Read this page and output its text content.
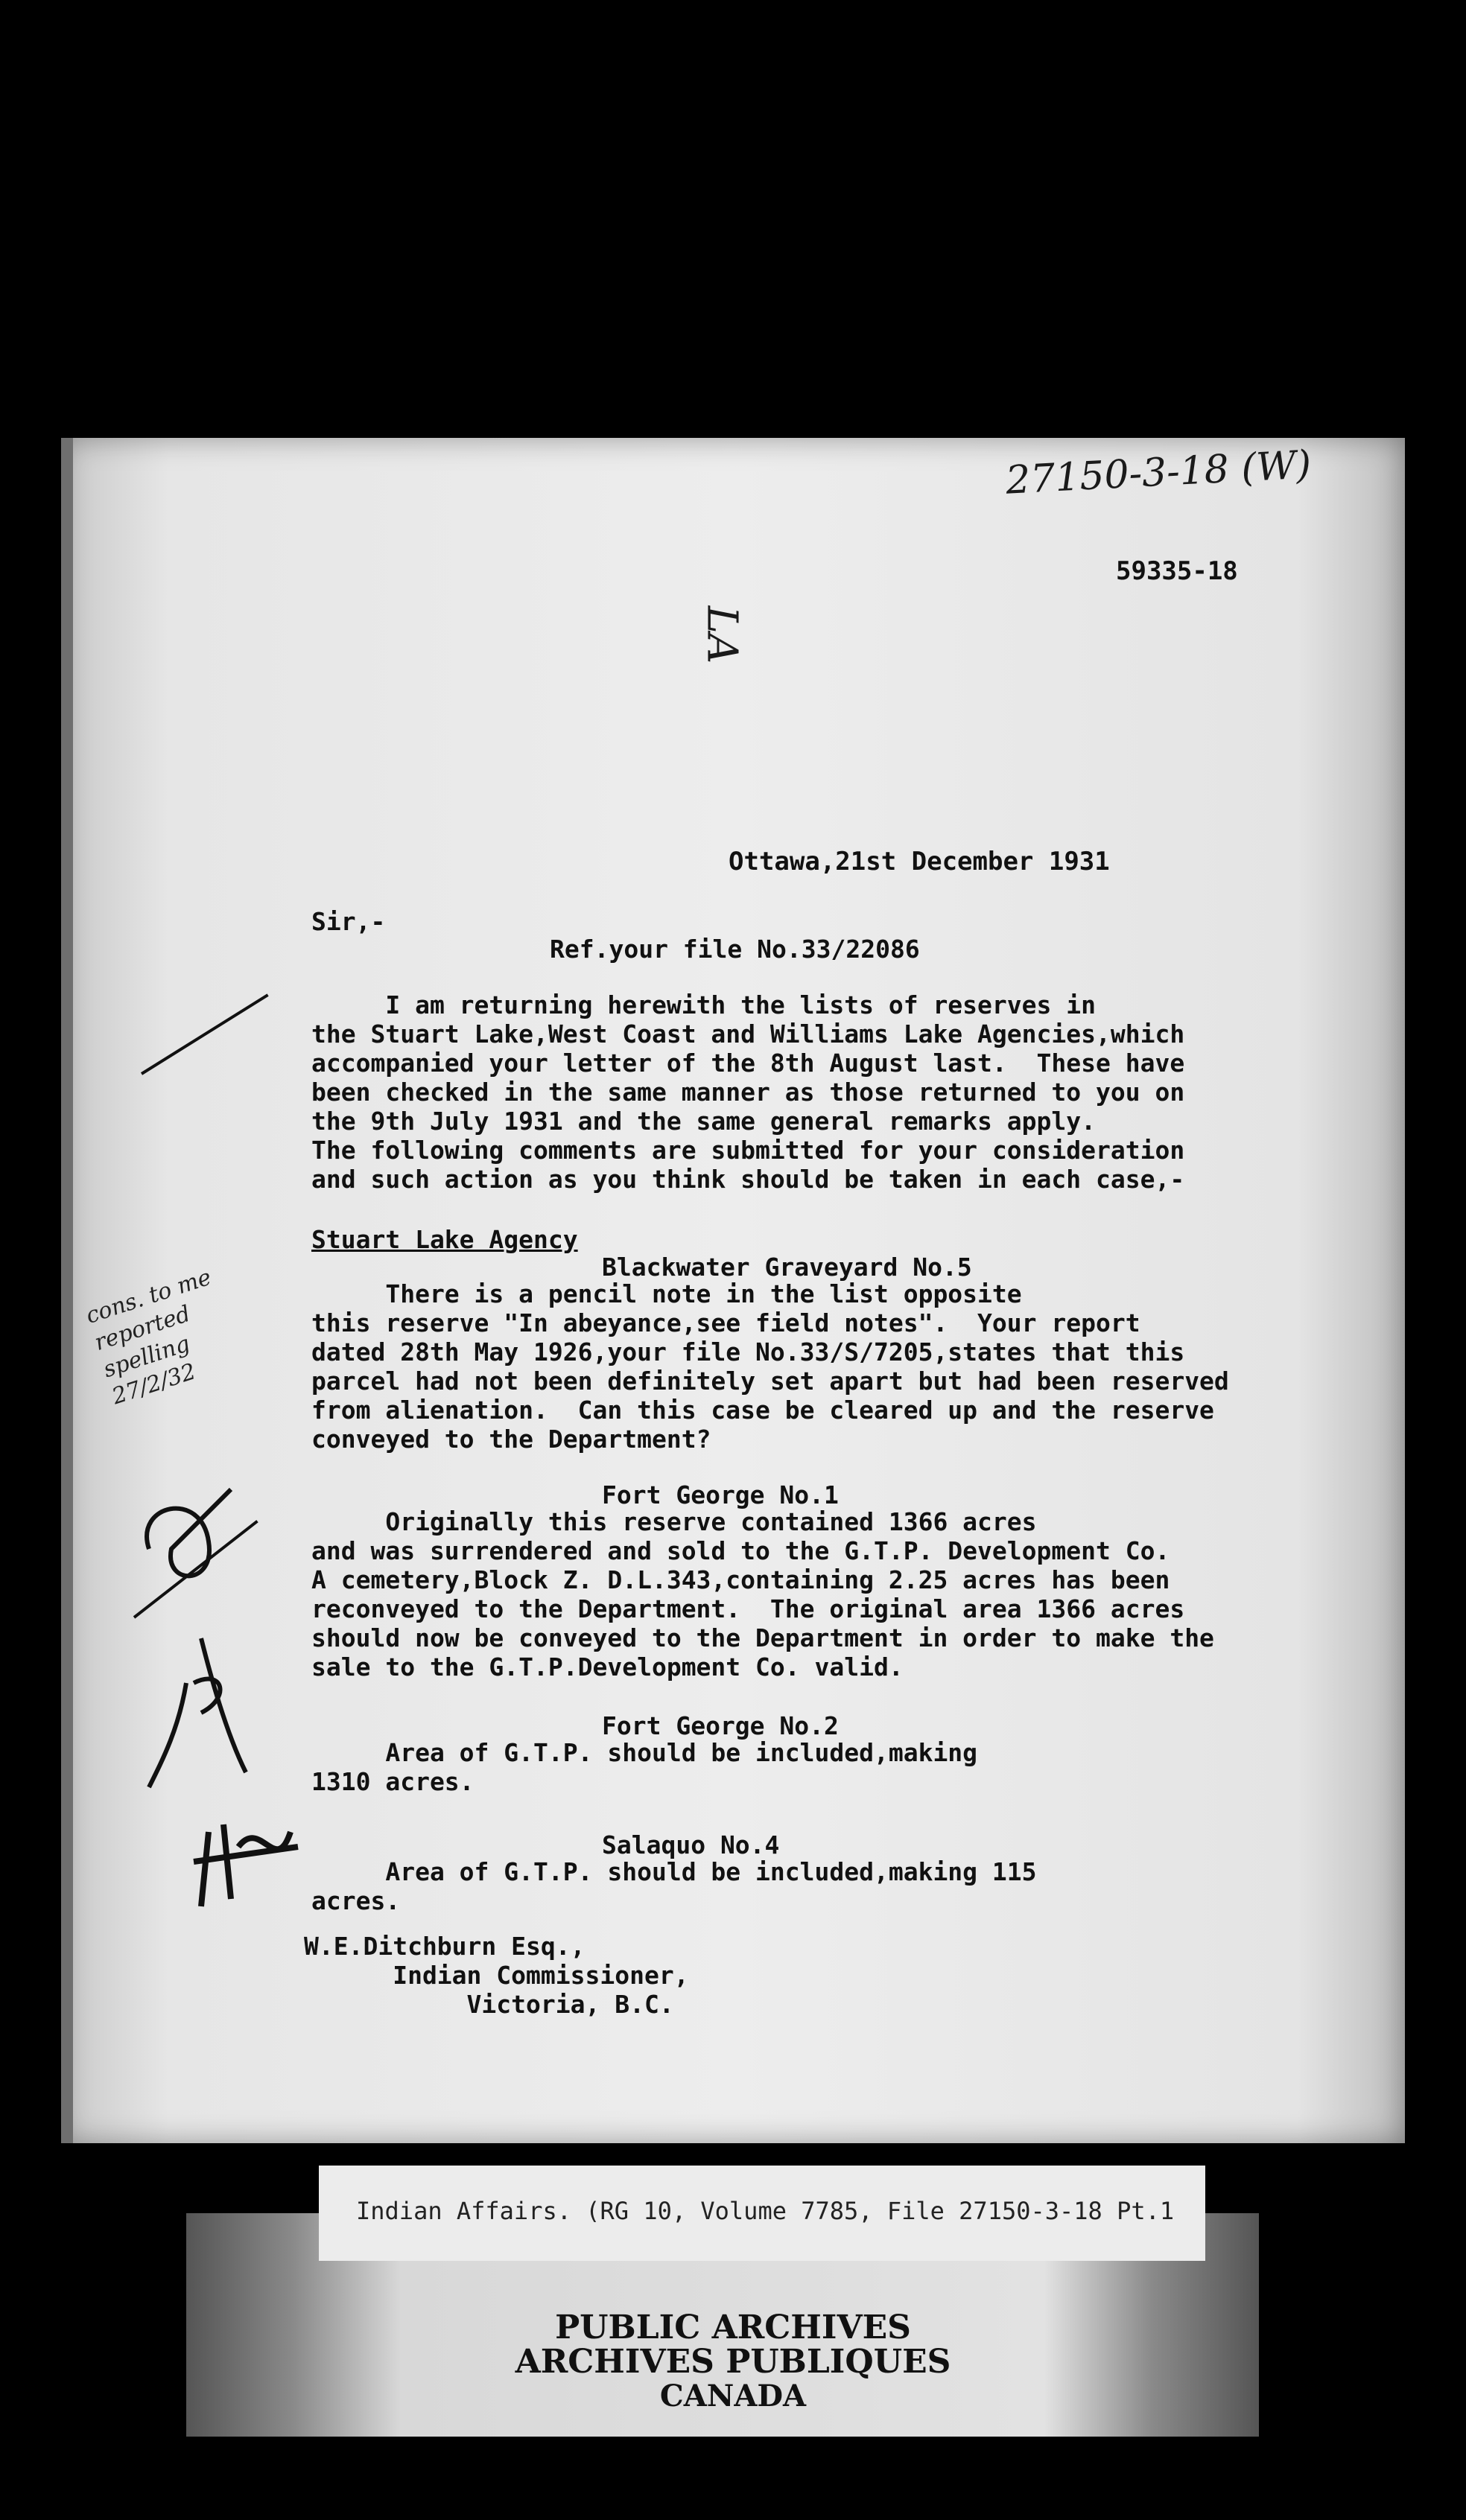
27150-3-18 (W)
LA
59335-18
Ottawa,21st December 1931
Sir,-
Ref.your file No.33/22086
I am returning herewith the lists of reserves in
the Stuart Lake,West Coast and Williams Lake Agencies,which
accompanied your letter of the 8th August last.  These have
been checked in the same manner as those returned to you on
the 9th July 1931 and the same general remarks apply.
The following comments are submitted for your consideration
and such action as you think should be taken in each case,-
Stuart Lake Agency
Blackwater Graveyard No.5
There is a pencil note in the list opposite
this reserve "In abeyance,see field notes".  Your report
dated 28th May 1926,your file No.33/S/7205,states that this
parcel had not been definitely set apart but had been reserved
from alienation.  Can this case be cleared up and the reserve
conveyed to the Department?
Fort George No.1
Originally this reserve contained 1366 acres
and was surrendered and sold to the G.T.P. Development Co.
A cemetery,Block Z. D.L.343,containing 2.25 acres has been
reconveyed to the Department.  The original area 1366 acres
should now be conveyed to the Department in order to make the
sale to the G.T.P.Development Co. valid.
Fort George No.2
Area of G.T.P. should be included,making
1310 acres.
Salaquo No.4
Area of G.T.P. should be included,making 115
acres.
W.E.Ditchburn Esq.,
Indian Commissioner,
Victoria, B.C.
cons. to me
reported
spelling
27/2/32
Indian Affairs. (RG 10, Volume 7785, File 27150-3-18 Pt.1
PUBLIC ARCHIVES
ARCHIVES PUBLIQUES
CANADA
